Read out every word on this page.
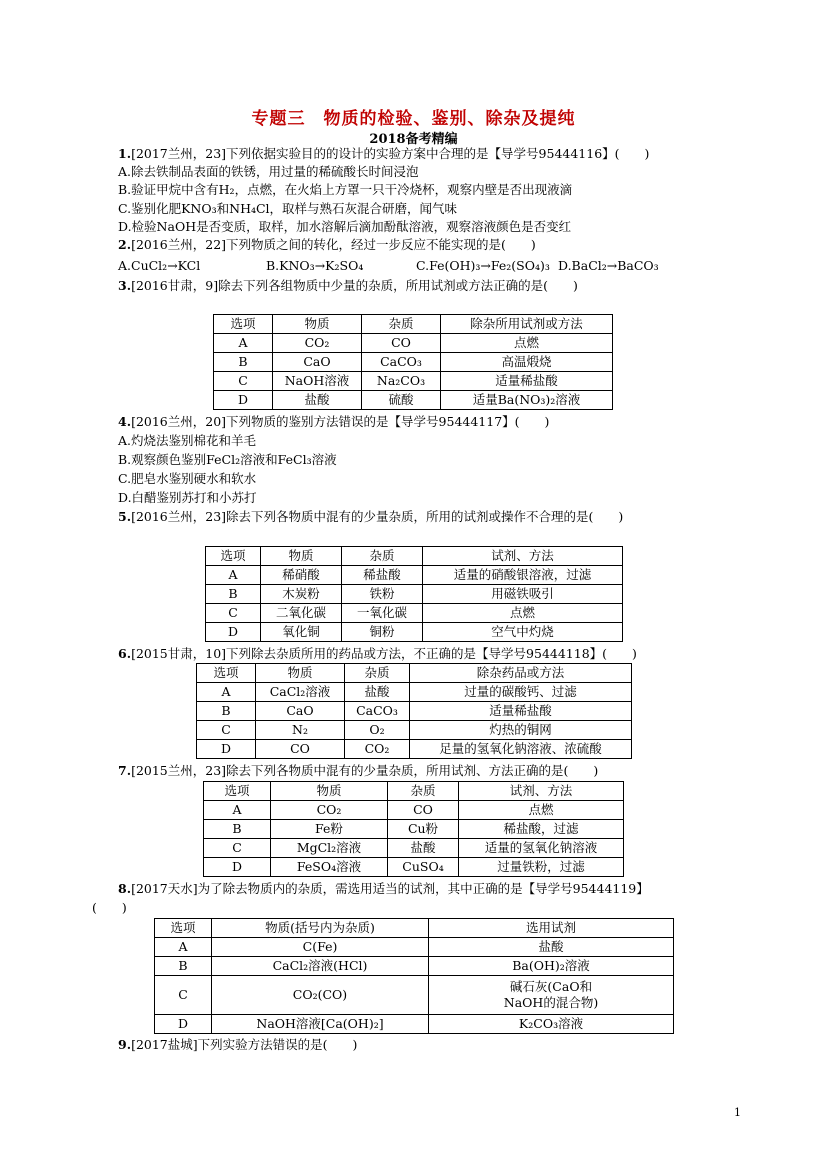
专题三　物质的检验、鉴别、除杂及提纯
2018备考精编
1.[2017兰州，23]下列依据实验目的的设计的实验方案中合理的是【导学号95444116】(　　)
A.除去铁制品表面的铁锈，用过量的稀硫酸长时间浸泡
B.验证甲烷中含有H₂，点燃，在火焰上方罩一只干冷烧杯，观察内壁是否出现液滴
C.鉴别化肥KNO₃和NH₄Cl，取样与熟石灰混合研磨，闻气味
D.检验NaOH是否变质，取样，加水溶解后滴加酚酞溶液，观察溶液颜色是否变红
2.[2016兰州，22]下列物质之间的转化，经过一步反应不能实现的是(　　)
A.CuCl₂→KCl	B.KNO₃→K₂SO₄	C.Fe(OH)₃→Fe₂(SO₄)₃ D.BaCl₂→BaCO₃
3.[2016甘肃，9]除去下列各组物质中少量的杂质，所用试剂或方法正确的是(　　)
选项	物质	杂质	除杂所用试剂或方法
A	CO₂	CO	点燃
B	CaO	CaCO₃	高温煅烧
C	NaOH溶液	Na₂CO₃	适量稀盐酸
D	盐酸	硫酸	适量Ba(NO₃)₂溶液
4.[2016兰州，20]下列物质的鉴别方法错误的是【导学号95444117】(　　)
A.灼烧法鉴别棉花和羊毛
B.观察颜色鉴别FeCl₂溶液和FeCl₃溶液
C.肥皂水鉴别硬水和软水
D.白醋鉴别苏打和小苏打
5.[2016兰州，23]除去下列各物质中混有的少量杂质，所用的试剂或操作不合理的是(　　)
选项	物质	杂质	试剂、方法
A	稀硝酸	稀盐酸	适量的硝酸银溶液，过滤
B	木炭粉	铁粉	用磁铁吸引
C	二氧化碳	一氧化碳	点燃
D	氧化铜	铜粉	空气中灼烧
6.[2015甘肃，10]下列除去杂质所用的药品或方法，不正确的是【导学号95444118】(　　)
选项	物质	杂质	除杂药品或方法
A	CaCl₂溶液	盐酸	过量的碳酸钙、过滤
B	CaO	CaCO₃	适量稀盐酸
C	N₂	O₂	灼热的铜网
D	CO	CO₂	足量的氢氧化钠溶液、浓硫酸
7.[2015兰州，23]除去下列各物质中混有的少量杂质，所用试剂、方法正确的是(　　)
选项	物质	杂质	试剂、方法
A	CO₂	CO	点燃
B	Fe粉	Cu粉	稀盐酸，过滤
C	MgCl₂溶液	盐酸	适量的氢氧化钠溶液
D	FeSO₄溶液	CuSO₄	过量铁粉，过滤
8.[2017天水]为了除去物质内的杂质，需选用适当的试剂，其中正确的是【导学号95444119】
(　　)
选项	物质(括号内为杂质)	选用试剂
A	C(Fe)	盐酸
B	CaCl₂溶液(HCl)	Ba(OH)₂溶液
C	CO₂(CO)	碱石灰(CaO和
NaOH的混合物)
D	NaOH溶液[Ca(OH)₂]	K₂CO₃溶液
9.[2017盐城]下列实验方法错误的是(　　)
1
